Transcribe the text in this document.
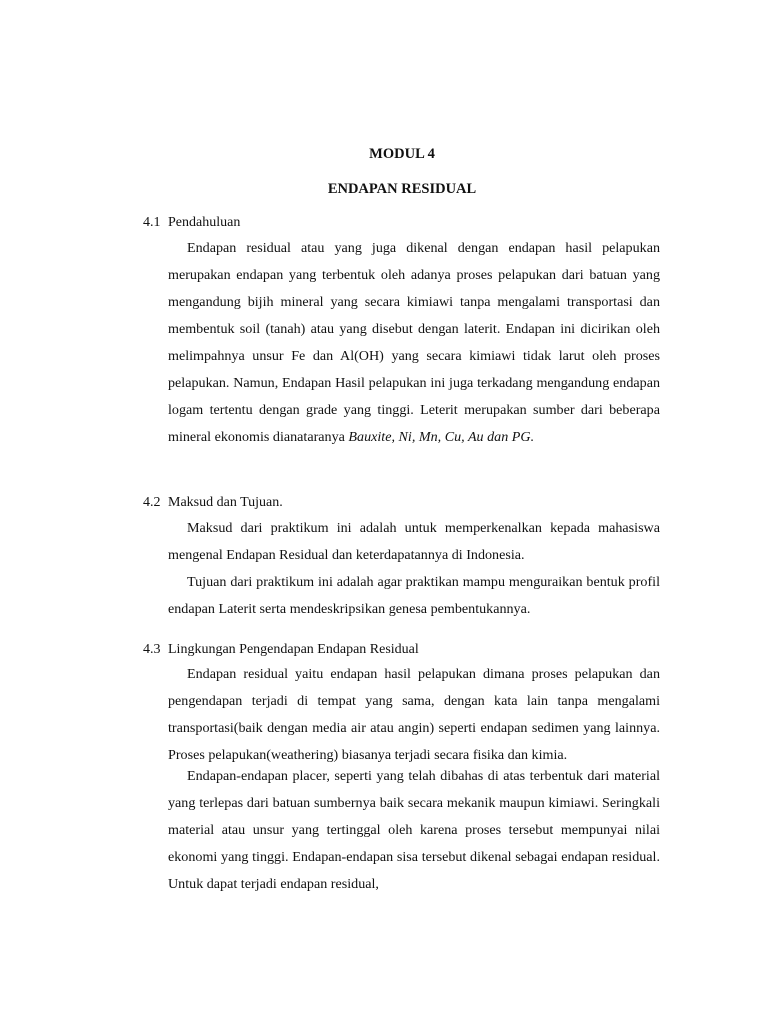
MODUL 4
ENDAPAN RESIDUAL
4.1 Pendahuluan

Endapan residual atau yang juga dikenal dengan endapan hasil pelapukan merupakan endapan yang terbentuk oleh adanya proses pelapukan dari batuan yang mengandung bijih mineral yang secara kimiawi tanpa mengalami transportasi dan membentuk soil (tanah) atau yang disebut dengan laterit. Endapan ini dicirikan oleh melimpahnya unsur Fe dan Al(OH) yang secara kimiawi tidak larut oleh proses pelapukan. Namun, Endapan Hasil pelapukan ini juga terkadang mengandung endapan logam tertentu dengan grade yang tinggi. Leterit merupakan sumber dari beberapa mineral ekonomis dianataranya Bauxite, Ni, Mn, Cu, Au dan PG.

4.2 Maksud dan Tujuan.

Maksud dari praktikum ini adalah untuk memperkenalkan kepada mahasiswa mengenal Endapan Residual dan keterdapatannya di Indonesia.

Tujuan dari praktikum ini adalah agar praktikan mampu menguraikan bentuk profil endapan Laterit serta mendeskripsikan genesa pembentukannya.

4.3 Lingkungan Pengendapan Endapan Residual

Endapan residual yaitu endapan hasil pelapukan dimana proses pelapukan dan pengendapan terjadi di tempat yang sama, dengan kata lain tanpa mengalami transportasi(baik dengan media air atau angin) seperti endapan sedimen yang lainnya. Proses pelapukan(weathering) biasanya terjadi secara fisika dan kimia.

Endapan-endapan placer, seperti yang telah dibahas di atas terbentuk dari material yang terlepas dari batuan sumbernya baik secara mekanik maupun kimiawi. Seringkali material atau unsur yang tertinggal oleh karena proses tersebut mempunyai nilai ekonomi yang tinggi. Endapan-endapan sisa tersebut dikenal sebagai endapan residual. Untuk dapat terjadi endapan residual,
